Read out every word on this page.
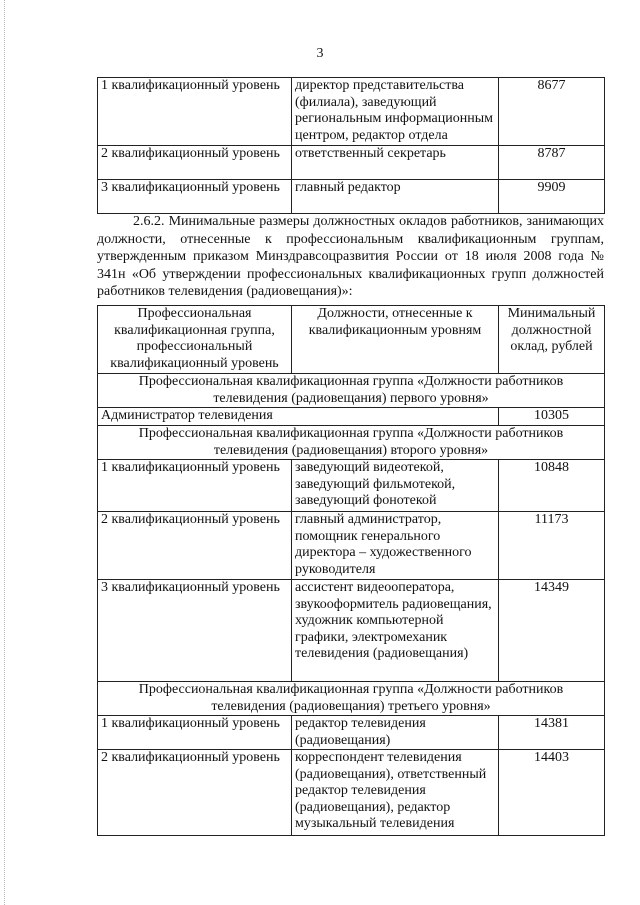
3
1 квалификационный уровень	директор представительства (филиала), заведующий региональным информационным центром, редактор отдела	8677
2 квалификационный уровень	ответственный секретарь	8787
3 квалификационный уровень	главный редактор	9909
2.6.2. Минимальные размеры должностных окладов работников, занимающих должности, отнесенные к профессиональным квалификационным группам, утвержденным приказом Минздравсоцразвития России от 18 июля 2008 года № 341н «Об утверждении профессиональных квалификационных групп должностей работников телевидения (радиовещания)»:
Профессиональная квалификационная группа, профессиональный квалификационный уровень	Должности, отнесенные к квалификационным уровням	Минимальный должностной оклад, рублей
Профессиональная квалификационная группа «Должности работников телевидения (радиовещания) первого уровня»		
Администратор телевидения		10305
Профессиональная квалификационная группа «Должности работников телевидения (радиовещания) второго уровня»		
1 квалификационный уровень	заведующий видеотекой, заведующий фильмотекой, заведующий фонотекой	10848
2 квалификационный уровень	главный администратор, помощник генерального директора – художественного руководителя	11173
3 квалификационный уровень	ассистент видеооператора, звукооформитель радиовещания, художник компьютерной графики, электромеханик телевидения (радиовещания)	14349
Профессиональная квалификационная группа «Должности работников телевидения (радиовещания) третьего уровня»		
1 квалификационный уровень	редактор телевидения (радиовещания)	14381
2 квалификационный уровень	корреспондент телевидения (радиовещания), ответственный редактор телевидения (радиовещания), редактор музыкальный телевидения	14403
